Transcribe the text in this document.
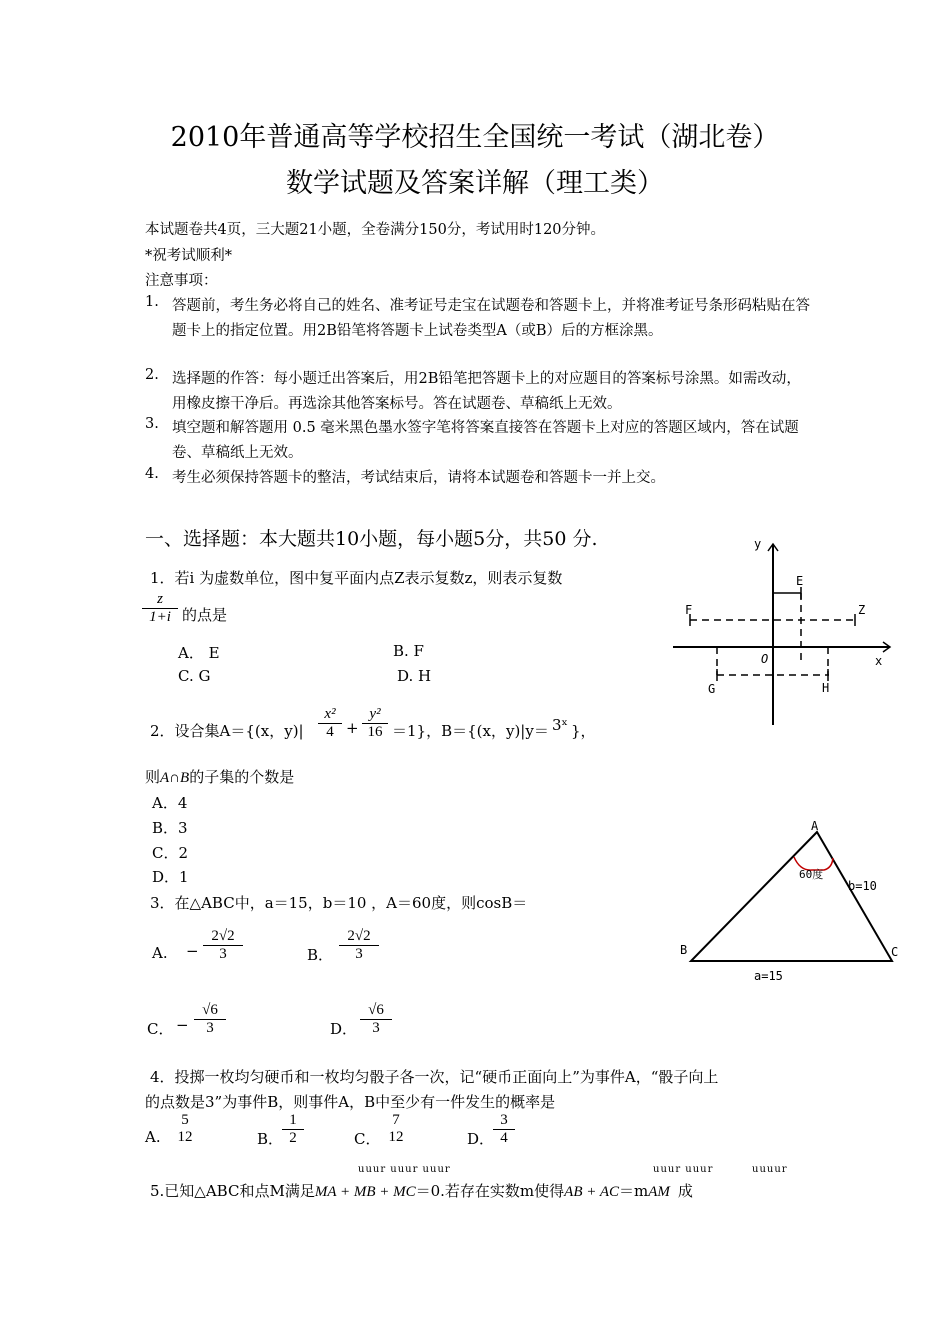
2010年普通高等学校招生全国统一考试（湖北卷）
数学试题及答案详解（理工类）
本试题卷共4页，三大题21小题，全卷满分150分，考试用时120分钟。
*祝考试顺利*
注意事项：
1. 答题前，考生务必将自己的姓名、准考证号走宝在试题卷和答题卡上，并将准考证号条形码粘贴在答题卡上的指定位置。用2B铅笔将答题卡上试卷类型A（或B）后的方框涂黑。
2. 选择题的作答：每小题迁出答案后，用2B铅笔把答题卡上的对应题目的答案标号涂黑。如需改动，用橡皮擦干净后。再选涂其他答案标号。答在试题卷、草稿纸上无效。
3. 填空题和解答题用 0.5 毫米黑色墨水签字笔将答案直接答在答题卡上对应的答题区域内，答在试题卷、草稿纸上无效。
4. 考生必须保持答题卡的整洁，考试结束后，请将本试题卷和答题卡一并上交。
一、选择题：本大题共10小题，每小题5分，共50 分.
1．若i 为虚数单位，图中复平面内点Z表示复数z，则表示复数
$\frac{z}{1+i}$ 的点是
A． E	B. F
C. G	D. H
y
x
O
E
F	Z
G	H
2．设合集A＝{(x，$y)| \frac{\text{x²}}{4} + \frac{\text{y²}}{16} =1$}，B＝{(x，y)|y＝ 3ˣ }，
则A∩B的子集的个数是
A．4
B．3
C．2
D．1
3．在△ABC中，a＝15，b＝10 ，A＝60度，则cosB＝
A. − $\frac{2√2}{3}$	B． $\frac{2√2}{3}$
C． − $\frac{√6}{3}$	D． $\frac{√6}{3}$
A
B	C
60度
b=10
a=15
4．投掷一枚均匀硬币和一枚均匀骰子各一次，记“硬币正面向上”为事件A，“骰子向上
的点数是3”为事件B，则事件A，B中至少有一件发生的概率是
A.
5
12	B．
$\frac{1}{2}$	C．
7
12	D．
$\frac{3}{4}$
uuur uuur uuur	uuur uuur	uuuur
5.已知△ABC和点M满足MA + MB + MC＝0.若存在实数m使得AB + AC＝mAM 成
